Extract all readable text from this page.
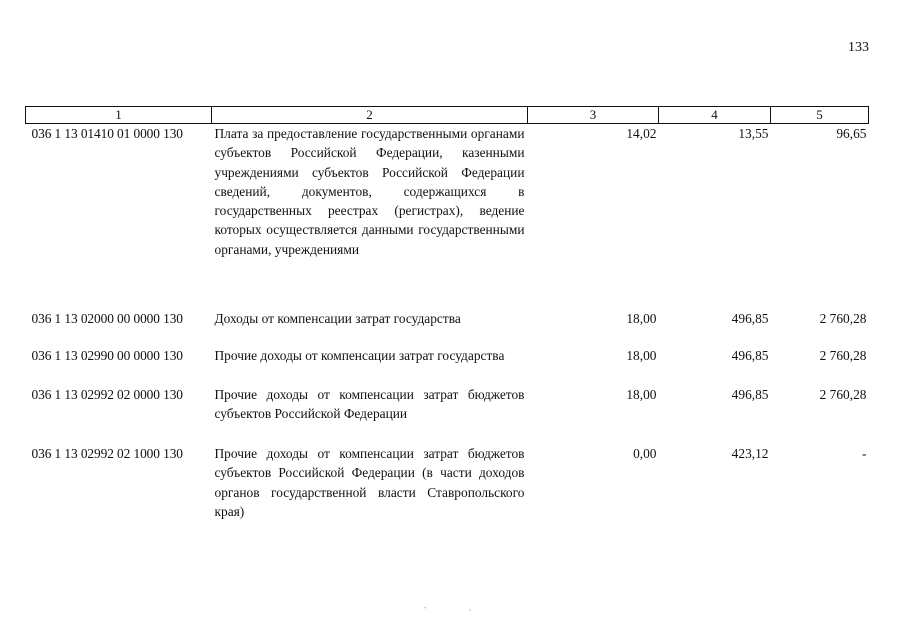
133
1	2	3	4	5
036 1 13 01410 01 0000 130	Плата за предоставление государственными органами субъектов Российской Федерации, казенными учреждениями субъектов Российской Федерации сведений, документов, содержащихся в государственных реестрах (регистрах), ведение которых осуществляется данными государственными органами, учреждениями	14,02	13,55	96,65
036 1 13 02000 00 0000 130	Доходы от компенсации затрат государства	18,00	496,85	2 760,28
036 1 13 02990 00 0000 130	Прочие доходы от компенсации затрат государства	18,00	496,85	2 760,28
036 1 13 02992 02 0000 130	Прочие доходы от компенсации затрат бюджетов субъектов Российской Федерации	18,00	496,85	2 760,28
036 1 13 02992 02 1000 130	Прочие доходы от компенсации затрат бюджетов субъектов Российской Федерации (в части доходов органов государственной власти Ставропольского края)	0,00	423,12	-
` ·
